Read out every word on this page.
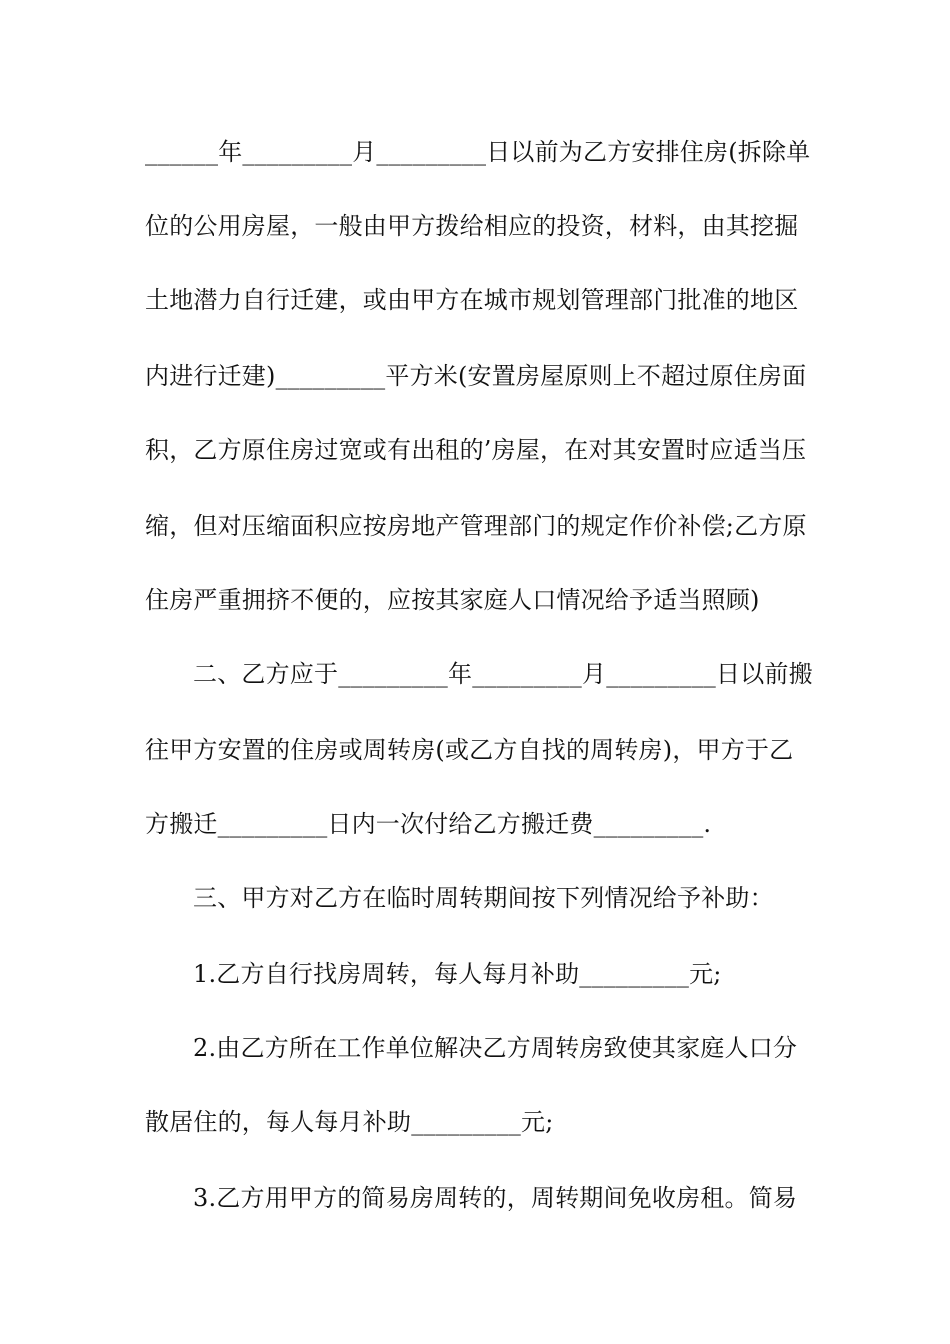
______年_________月_________日以前为乙方安排住房(拆除单
位的公用房屋，一般由甲方拨给相应的投资，材料，由其挖掘
土地潜力自行迁建，或由甲方在城市规划管理部门批准的地区
内进行迁建)_________平方米(安置房屋原则上不超过原住房面
积，乙方原住房过宽或有出租的’房屋，在对其安置时应适当压
缩，但对压缩面积应按房地产管理部门的规定作价补偿;乙方原
住房严重拥挤不便的，应按其家庭人口情况给予适当照顾)
二、乙方应于_________年_________月_________日以前搬
往甲方安置的住房或周转房(或乙方自找的周转房)，甲方于乙
方搬迁_________日内一次付给乙方搬迁费_________.
三、甲方对乙方在临时周转期间按下列情况给予补助：
1.乙方自行找房周转，每人每月补助_________元;
2.由乙方所在工作单位解决乙方周转房致使其家庭人口分
散居住的，每人每月补助_________元;
3.乙方用甲方的简易房周转的，周转期间免收房租。简易
